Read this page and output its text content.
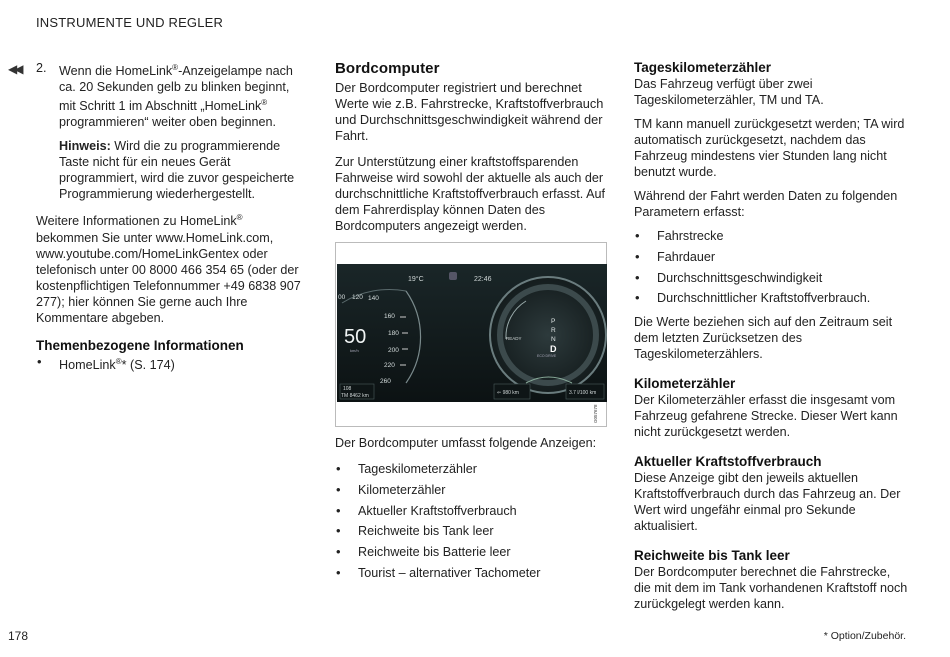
INSTRUMENTE UND REGLER
◀◀ 2. Wenn die HomeLink®-Anzeigelampe nach ca. 20 Sekunden gelb zu blinken beginnt, mit Schritt 1 im Abschnitt „HomeLink® programmieren“ weiter oben beginnen.

Hinweis: Wird die zu programmierende Taste nicht für ein neues Gerät programmiert, wird die zuvor gespeicherte Programmierung wiederhergestellt.

Weitere Informationen zu HomeLink® bekommen Sie unter www.HomeLink.com, www.youtube.com/HomeLinkGentex oder telefonisch unter 00 8000 466 354 65 (oder der kostenpflichtigen Telefonnummer +49 6838 907 277); hier können Sie gerne auch Ihre Kommentare abgeben.

Themenbezogene Informationen
• HomeLink®* (S. 174)
Bordcomputer

Der Bordcomputer registriert und berechnet Werte wie z.B. Fahrstrecke, Kraftstoffverbrauch und Durchschnittsgeschwindigkeit während der Fahrt.

Zur Unterstützung einer kraftstoffsparenden Fahrweise wird sowohl der aktuelle als auch der durchschnittliche Kraftstoffverbrauch erfasst. Auf dem Fahrerdisplay können Daten des Bordcomputers angezeigt werden.

19°C	22:46
00 120 140
160
180
200
220
260
50
km/h
108
TM 8462 km
READY
P
R
N
D
ECO DRIVE
⇐ 980 km	3.7 l/100 km
G057678

Der Bordcomputer umfasst folgende Anzeigen:

• Tageskilometerzähler
• Kilometerzähler
• Aktueller Kraftstoffverbrauch
• Reichweite bis Tank leer
• Reichweite bis Batterie leer
• Tourist – alternativer Tachometer
Tageskilometerzähler

Das Fahrzeug verfügt über zwei Tageskilometerzähler, TM und TA.

TM kann manuell zurückgesetzt werden; TA wird automatisch zurückgesetzt, nachdem das Fahrzeug mindestens vier Stunden lang nicht benutzt wurde.

Während der Fahrt werden Daten zu folgenden Parametern erfasst:

• Fahrstrecke
• Fahrdauer
• Durchschnittsgeschwindigkeit
• Durchschnittlicher Kraftstoffverbrauch.

Die Werte beziehen sich auf den Zeitraum seit dem letzten Zurücksetzen des Tageskilometerzählers.

Kilometerzähler

Der Kilometerzähler erfasst die insgesamt vom Fahrzeug gefahrene Strecke. Dieser Wert kann nicht zurückgesetzt werden.

Aktueller Kraftstoffverbrauch

Diese Anzeige gibt den jeweils aktuellen Kraftstoffverbrauch durch das Fahrzeug an. Der Wert wird ungefähr einmal pro Sekunde aktualisiert.

Reichweite bis Tank leer

Der Bordcomputer berechnet die Fahrstrecke, die mit dem im Tank vorhandenen Kraftstoff noch zurückgelegt werden kann.

178	* Option/Zubehör.
